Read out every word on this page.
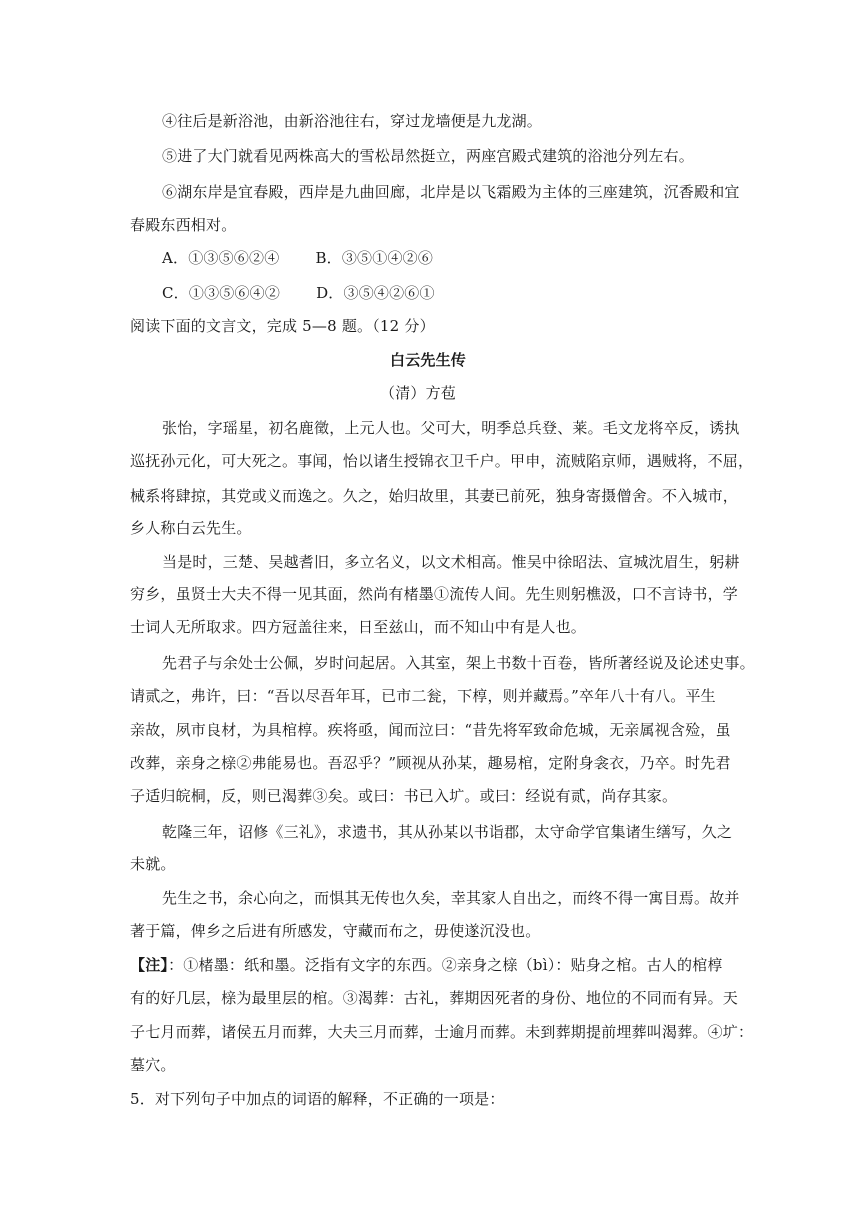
④往后是新浴池，由新浴池往右，穿过龙墙便是九龙湖。
⑤进了大门就看见两株高大的雪松昂然挺立，两座宫殿式建筑的浴池分列左右。
⑥湖东岸是宜春殿，西岸是九曲回廊，北岸是以飞霜殿为主体的三座建筑，沉香殿和宜
春殿东西相对。
A．①③⑤⑥②④ B．③⑤①④②⑥
C．①③⑤⑥④② D．③⑤④②⑥①
阅读下面的文言文，完成 5—8 题。（12 分）
白云先生传
（清）方苞
张怡，字瑶星，初名鹿徵，上元人也。父可大，明季总兵登、莱。毛文龙将卒反，诱执
巡抚孙元化，可大死之。事闻，怡以诸生授锦衣卫千户。甲申，流贼陷京师，遇贼将，不屈，
械系将肆掠，其党或义而逸之。久之，始归故里，其妻已前死，独身寄摄僧舍。不入城市，
乡人称白云先生。
当是时，三楚、吴越耆旧，多立名义，以文术相高。惟吴中徐昭法、宣城沈眉生，躬耕
穷乡，虽贤士大夫不得一见其面，然尚有楮墨①流传人间。先生则躬樵汲，口不言诗书，学
士词人无所取求。四方冠盖往来，日至兹山，而不知山中有是人也。
先君子与余处士公佩，岁时问起居。入其室，架上书数十百卷，皆所著经说及论述史事。
请贰之，弗许，曰：“吾以尽吾年耳，已市二瓮，下椁，则并藏焉。”卒年八十有八。平生
亲故，夙市良材，为具棺椁。疾将亟，闻而泣曰：“昔先将军致命危城，无亲属视含殓，虽
改葬，亲身之榇②弗能易也。吾忍乎？”顾视从孙某，趣易棺，定附身衾衣，乃卒。时先君
子适归皖桐，反，则已渴葬③矣。或曰：书已入圹。或曰：经说有贰，尚存其家。
乾隆三年，诏修《三礼》，求遗书，其从孙某以书诣郡，太守命学官集诸生缮写，久之
未就。
先生之书，余心向之，而惧其无传也久矣，幸其家人自出之，而终不得一寓目焉。故并
著于篇，俾乡之后进有所感发，守藏而布之，毋使遂沉没也。
【注】：①楮墨：纸和墨。泛指有文字的东西。②亲身之榇（bì）：贴身之棺。古人的棺椁
有的好几层，榇为最里层的棺。③渴葬：古礼，葬期因死者的身份、地位的不同而有异。天
子七月而葬，诸侯五月而葬，大夫三月而葬，士逾月而葬。未到葬期提前埋葬叫渴葬。④圹：
墓穴。
5．对下列句子中加点的词语的解释，不正确的一项是：
